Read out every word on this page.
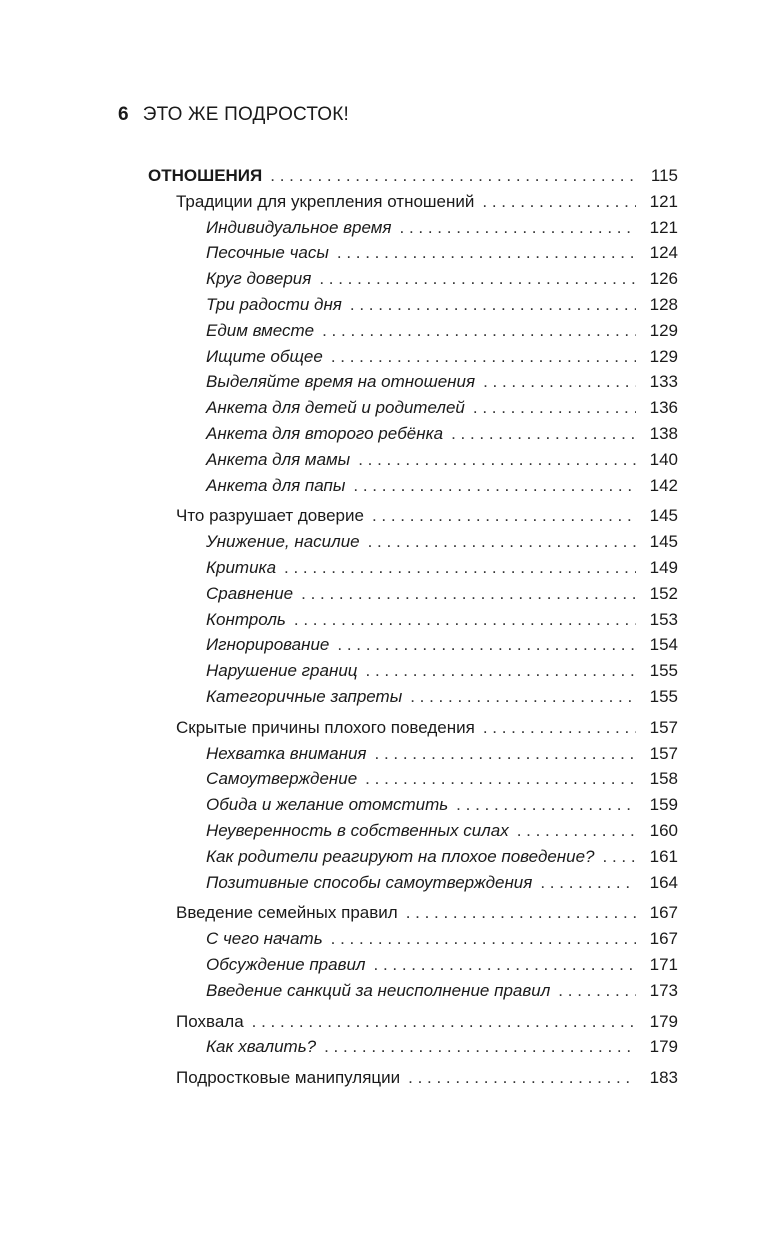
6 ЭТО ЖЕ ПОДРОСТОК!
ОТНОШЕНИЯ . . .	115
Традиции для укрепления отношений . . .	121
Индивидуальное время . . .	121
Песочные часы . . .	124
Круг доверия . . .	126
Три радости дня . . .	128
Едим вместе . . .	129
Ищите общее . . .	129
Выделяйте время на отношения . . .	133
Анкета для детей и родителей . . .	136
Анкета для второго ребёнка . . .	138
Анкета для мамы . . .	140
Анкета для папы . . .	142
Что разрушает доверие . . .	145
Унижение, насилие . . .	145
Критика . . .	149
Сравнение . . .	152
Контроль . . .	153
Игнорирование . . .	154
Нарушение границ . . .	155
Категоричные запреты . . .	155
Скрытые причины плохого поведения . . .	157
Нехватка внимания . . .	157
Самоутверждение . . .	158
Обида и желание отомстить . . .	159
Неуверенность в собственных силах . . .	160
Как родители реагируют на плохое поведение? . . .	161
Позитивные способы самоутверждения . . .	164
Введение семейных правил . . .	167
С чего начать . . .	167
Обсуждение правил . . .	171
Введение санкций за неисполнение правил . . .	173
Похвала . . .	179
Как хвалить? . . .	179
Подростковые манипуляции . . .	183
